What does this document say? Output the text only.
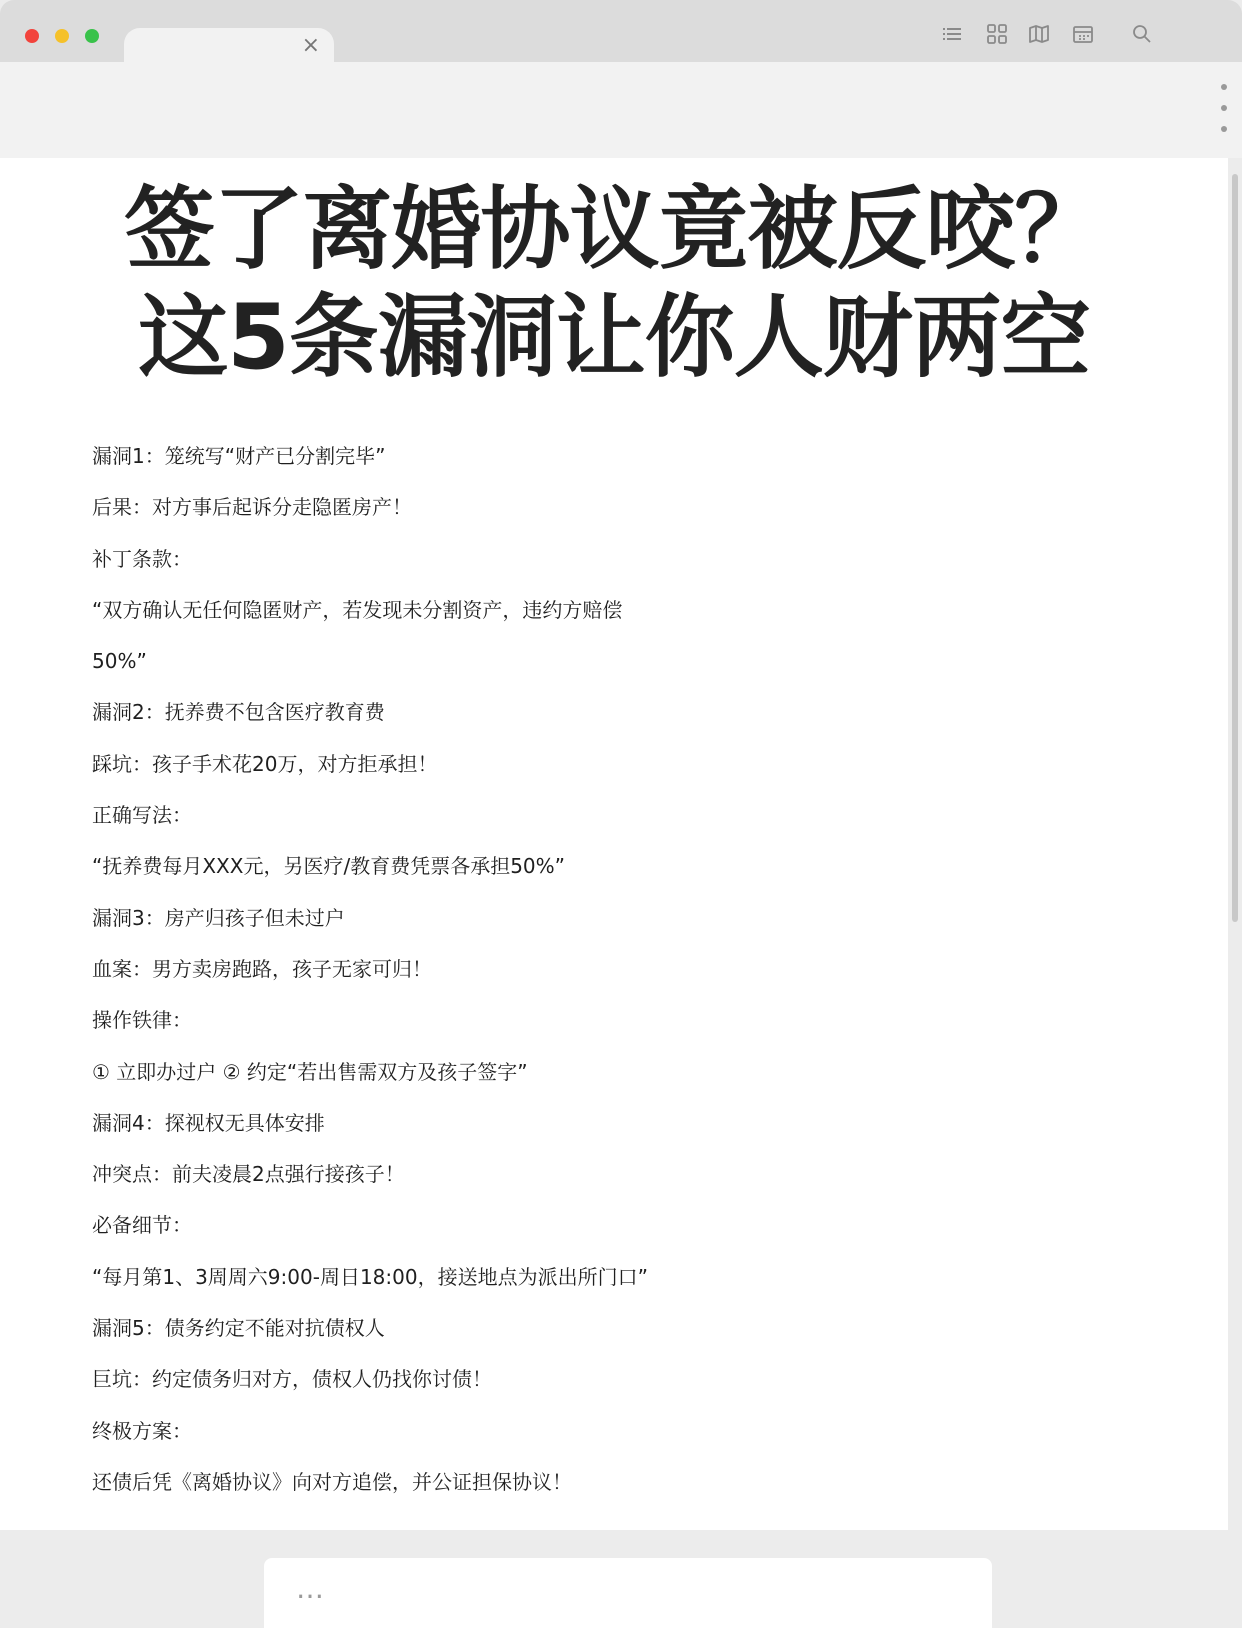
×
签了离婚协议竟被反咬？
这5条漏洞让你人财两空
漏洞1：笼统写“财产已分割完毕”
后果：对方事后起诉分走隐匿房产！
补丁条款：
“双方确认无任何隐匿财产，若发现未分割资产，违约方赔偿
50%”
漏洞2：抚养费不包含医疗教育费
踩坑：孩子手术花20万，对方拒承担！
正确写法：
“抚养费每月XXX元，另医疗/教育费凭票各承担50%”
漏洞3：房产归孩子但未过户
血案：男方卖房跑路，孩子无家可归！
操作铁律：
① 立即办过户 ② 约定“若出售需双方及孩子签字”
漏洞4：探视权无具体安排
冲突点：前夫凌晨2点强行接孩子！
必备细节：
“每月第1、3周周六9:00-周日18:00，接送地点为派出所门口”
漏洞5：债务约定不能对抗债权人
巨坑：约定债务归对方，债权人仍找你讨债！
终极方案：
还债后凭《离婚协议》向对方追偿，并公证担保协议！
…
